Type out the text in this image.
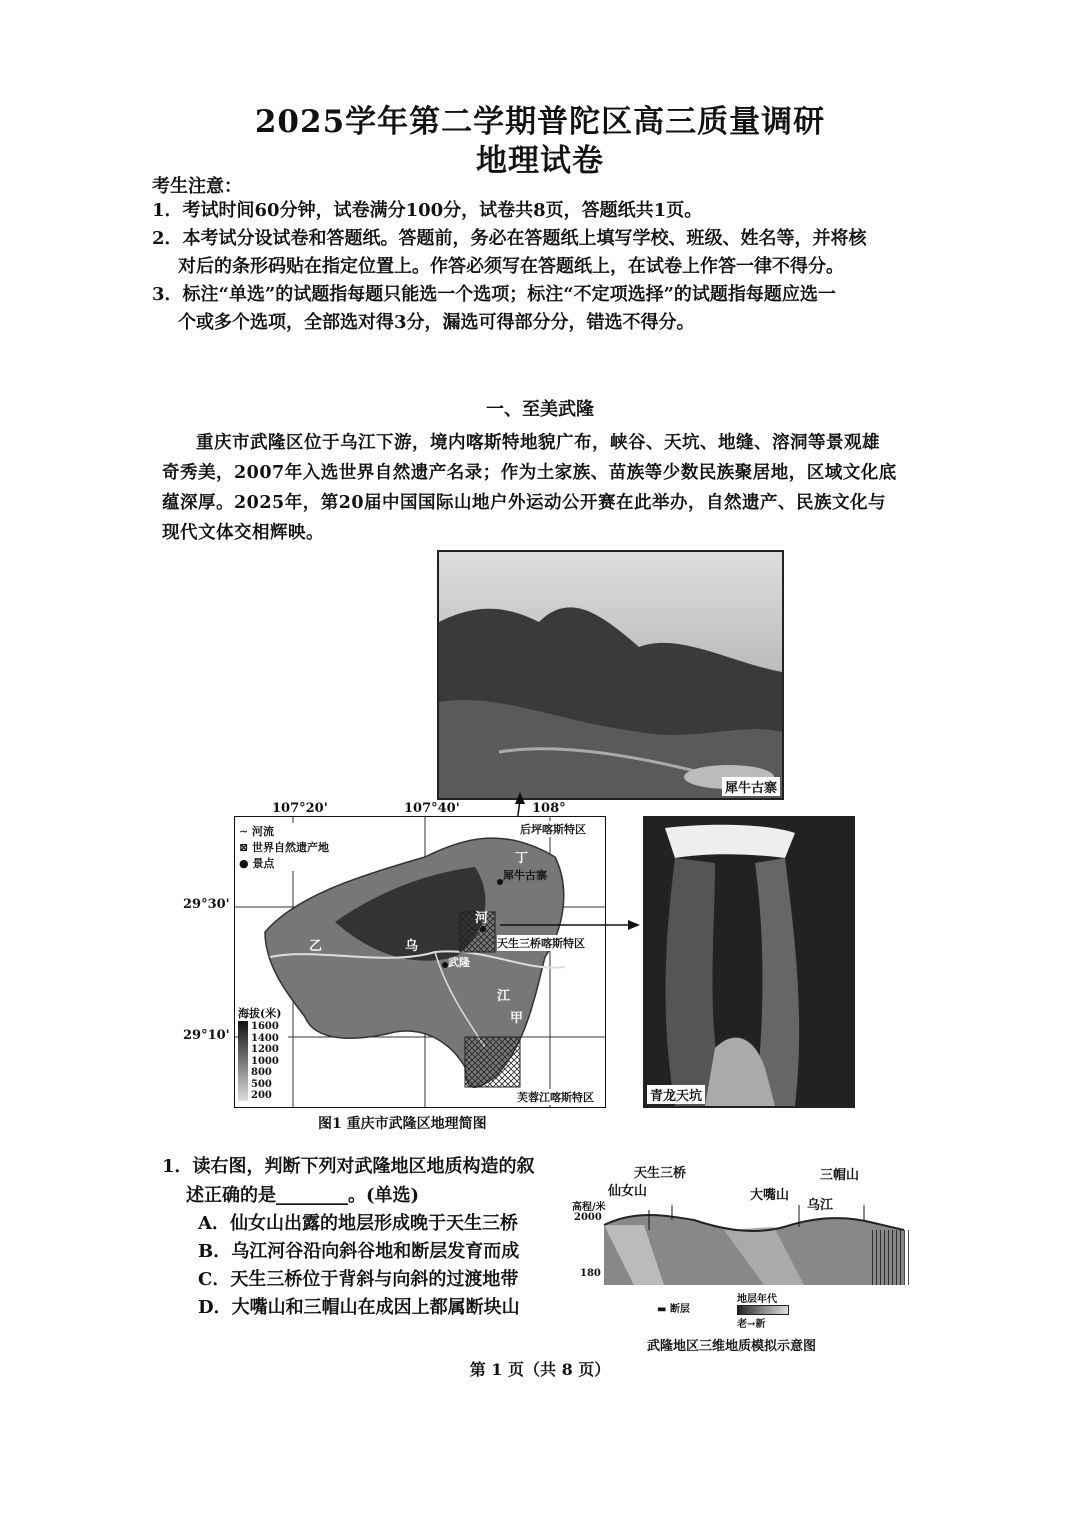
2025学年第二学期普陀区高三质量调研
地理试卷
考生注意：
1．考试时间60分钟，试卷满分100分，试卷共8页，答题纸共1页。
2．本考试分设试卷和答题纸。答题前，务必在答题纸上填写学校、班级、姓名等，并将核
对后的条形码贴在指定位置上。作答必须写在答题纸上，在试卷上作答一律不得分。
3．标注“单选”的试题指每题只能选一个选项；标注“不定项选择”的试题指每题应选一
个或多个选项，全部选对得3分，漏选可得部分分，错选不得分。
一、至美武隆
重庆市武隆区位于乌江下游，境内喀斯特地貌广布，峡谷、天坑、地缝、溶洞等景观雄
奇秀美，2007年入选世界自然遗产名录；作为土家族、苗族等少数民族聚居地，区域文化底
蕴深厚。2025年，第20届中国国际山地户外运动公开赛在此举办，自然遗产、民族文化与
现代文体交相辉映。
犀牛古寨
∼ 河流
⊠ 世界自然遗产地
● 景点
海拔(米)
1600
1400
1200
1000
800
500
200
后坪喀斯特区
犀牛古寨
天生三桥喀斯特区
芙蓉江喀斯特区
武隆
河
丁
乙	乌
江
甲
107°20'	107°40'	108°
29°30'
29°10'
青龙天坑
图1 重庆市武隆区地理简图
1．读右图，判断下列对武隆地区地质构造的叙
述正确的是________。(单选)
A．仙女山出露的地层形成晚于天生三桥
B．乌江河谷沿向斜谷地和断层发育而成
C．天生三桥位于背斜与向斜的过渡地带
D．大嘴山和三帽山在成因上都属断块山
天生三桥
仙女山	大嘴山
三帽山
乌江
高程/米
2000
180
▬ 断层
地层年代
老→新
武隆地区三维地质模拟示意图
第 1 页（共 8 页）
